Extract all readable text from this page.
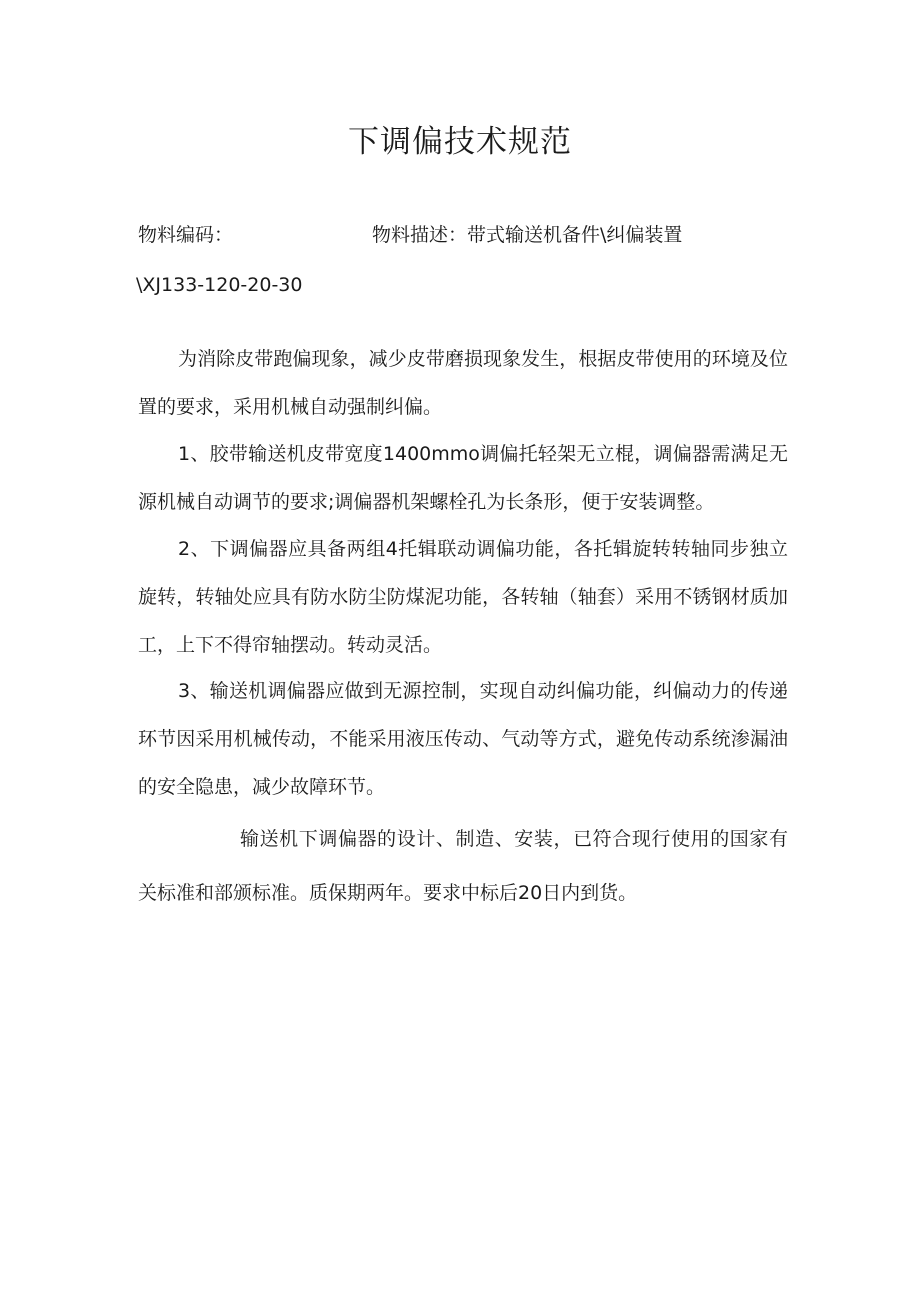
下调偏技术规范
物料编码：	物料描述：带式输送机备件\纠偏装置
\XJ133-120-20-30

为消除皮带跑偏现象，减少皮带磨损现象发生，根据皮带使用的环境及位置的要求，采用机械自动强制纠偏。

1、胶带输送机皮带宽度1400mmo调偏托轻架无立棍，调偏器需满足无源机械自动调节的要求;调偏器机架螺栓孔为长条形，便于安装调整。

2、下调偏器应具备两组4托辑联动调偏功能，各托辑旋转转轴同步独立旋转，转轴处应具有防水防尘防煤泥功能，各转轴（轴套）采用不锈钢材质加工，上下不得帘轴摆动。转动灵活。

3、输送机调偏器应做到无源控制，实现自动纠偏功能，纠偏动力的传递环节因采用机械传动，不能采用液压传动、气动等方式，避免传动系统渗漏油的安全隐患，减少故障环节。

输送机下调偏器的设计、制造、安装，已符合现行使用的国家有关标准和部颁标准。质保期两年。要求中标后20日内到货。
